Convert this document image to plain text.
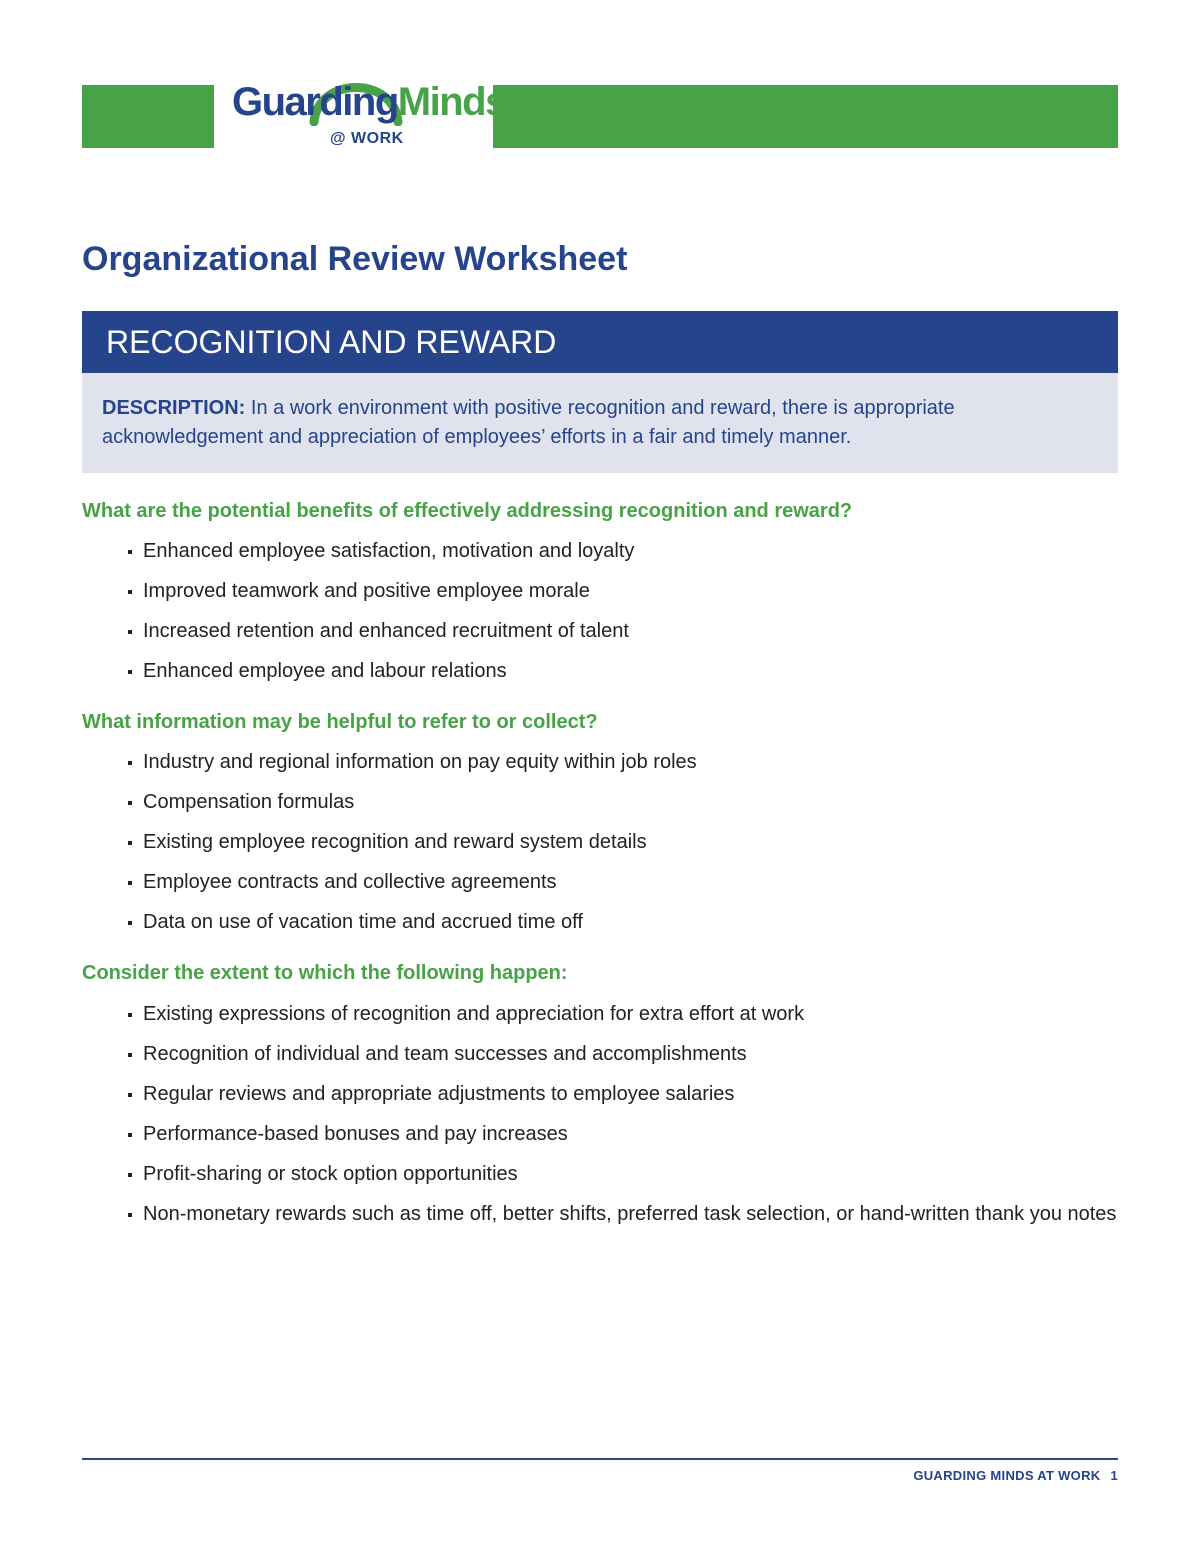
GuardingMinds
@ WORK
Organizational Review Worksheet
RECOGNITION AND REWARD
DESCRIPTION: In a work environment with positive recognition and reward, there is appropriate acknowledgement and appreciation of employees’ efforts in a fair and timely manner.
What are the potential benefits of effectively addressing recognition and reward?
Enhanced employee satisfaction, motivation and loyalty
Improved teamwork and positive employee morale
Increased retention and enhanced recruitment of talent
Enhanced employee and labour relations
What information may be helpful to refer to or collect?
Industry and regional information on pay equity within job roles
Compensation formulas
Existing employee recognition and reward system details
Employee contracts and collective agreements
Data on use of vacation time and accrued time off
Consider the extent to which the following happen:
Existing expressions of recognition and appreciation for extra effort at work
Recognition of individual and team successes and accomplishments
Regular reviews and appropriate adjustments to employee salaries
Performance-based bonuses and pay increases
Profit-sharing or stock option opportunities
Non-monetary rewards such as time off, better shifts, preferred task selection, or hand-written thank you notes
GUARDING MINDS AT WORK 1
